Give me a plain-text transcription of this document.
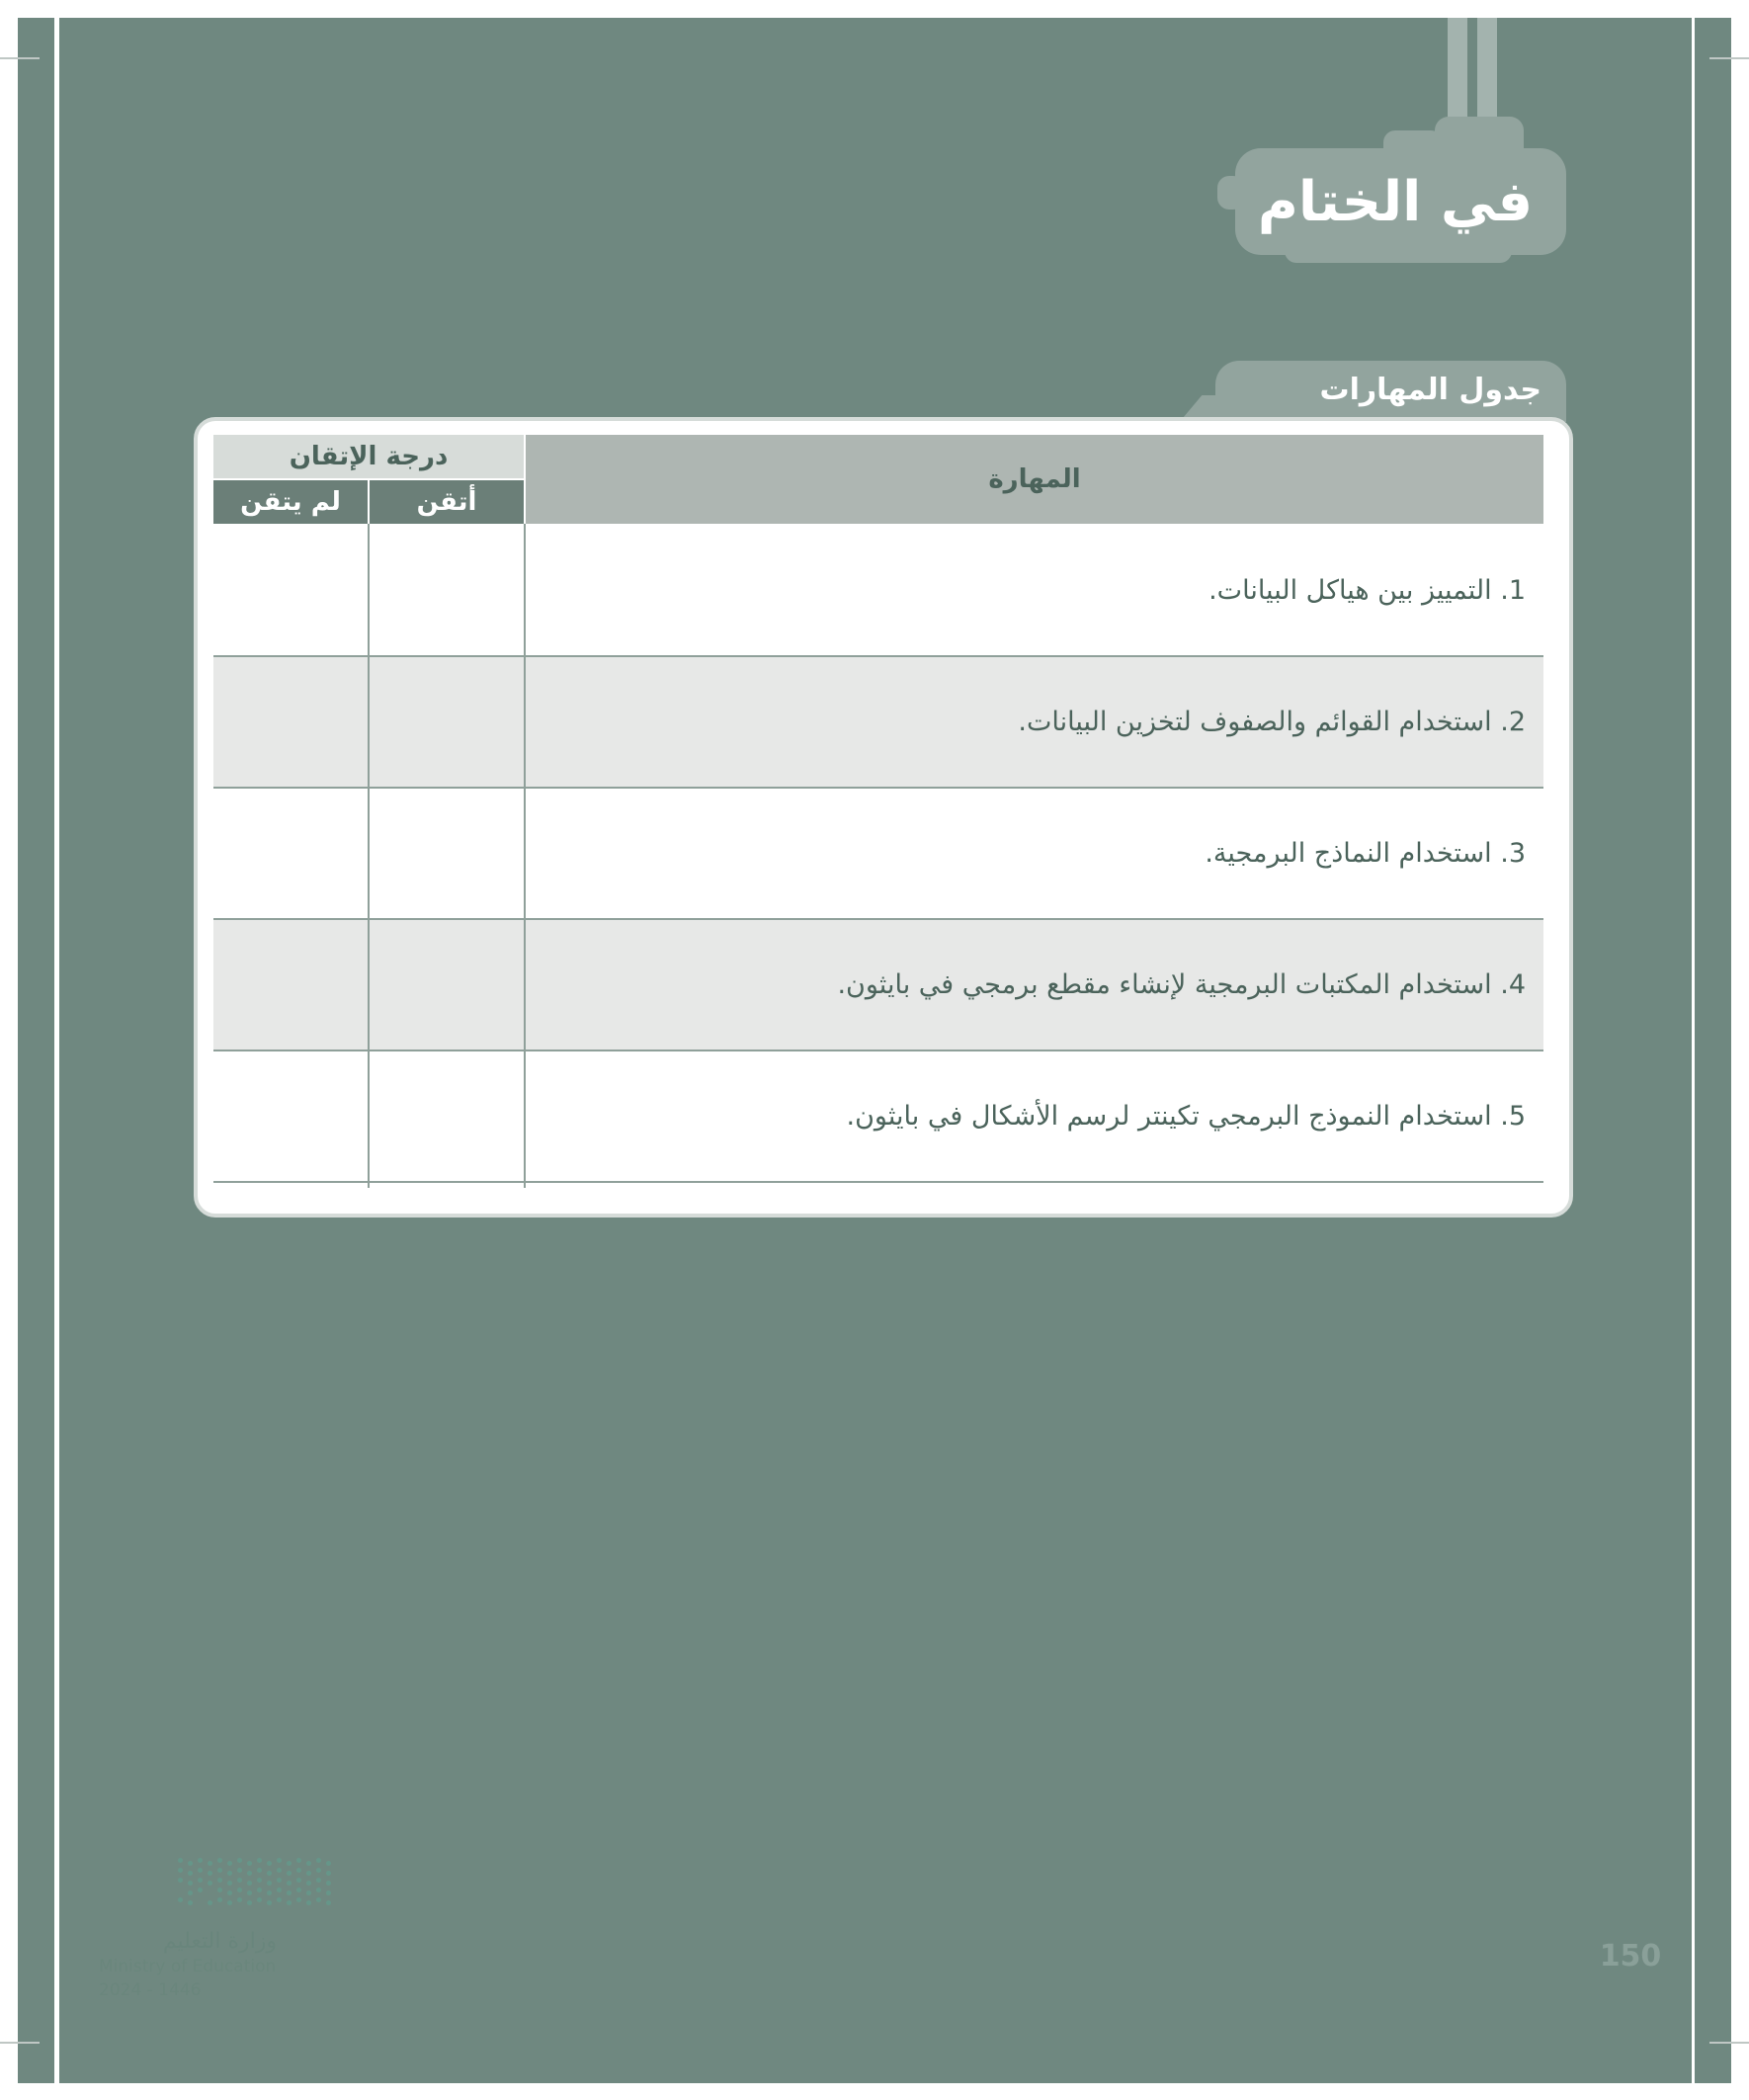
في الختام
جدول المهارات
المهارة
درجة الإتقان
أتقن
لم يتقن
1. التمييز بين هياكل البيانات.
2. استخدام القوائم والصفوف لتخزين البيانات.
3. استخدام النماذج البرمجية.
4. استخدام المكتبات البرمجية لإنشاء مقطع برمجي في بايثون.
5. استخدام النموذج البرمجي تكينتر لرسم الأشكال في بايثون.
وزارة التعليم
Ministry of Education
2024 - 1446
150
